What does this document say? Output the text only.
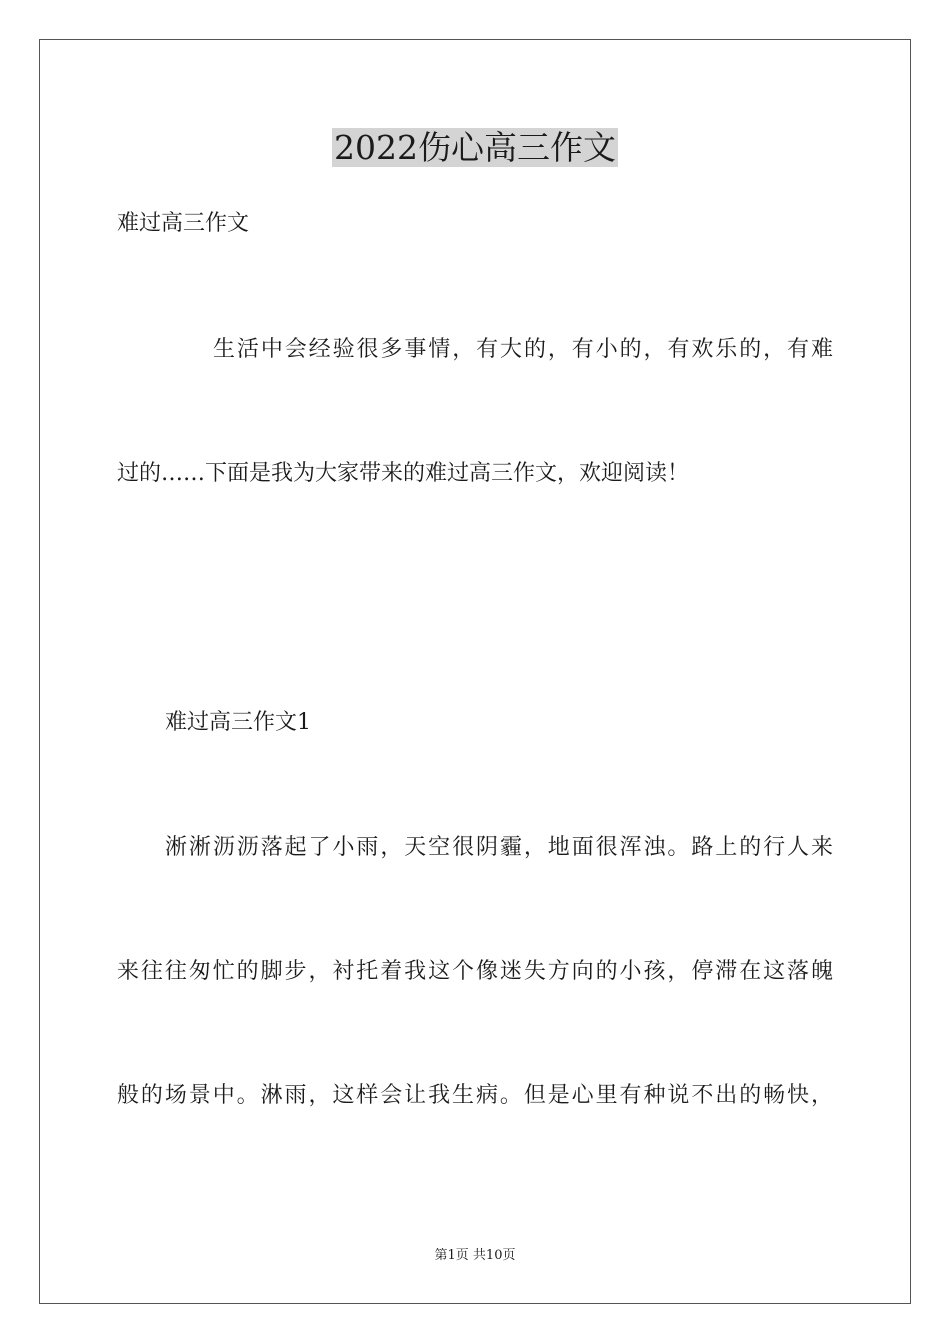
2022伤心高三作文
难过高三作文
生活中会经验很多事情，有大的，有小的，有欢乐的，有难
过的……下面是我为大家带来的难过高三作文，欢迎阅读！
难过高三作文1
淅淅沥沥落起了小雨，天空很阴霾，地面很浑浊。路上的行人来
来往往匆忙的脚步，衬托着我这个像迷失方向的小孩，停滞在这落魄
般的场景中。淋雨，这样会让我生病。但是心里有种说不出的畅快，
第1页 共10页
